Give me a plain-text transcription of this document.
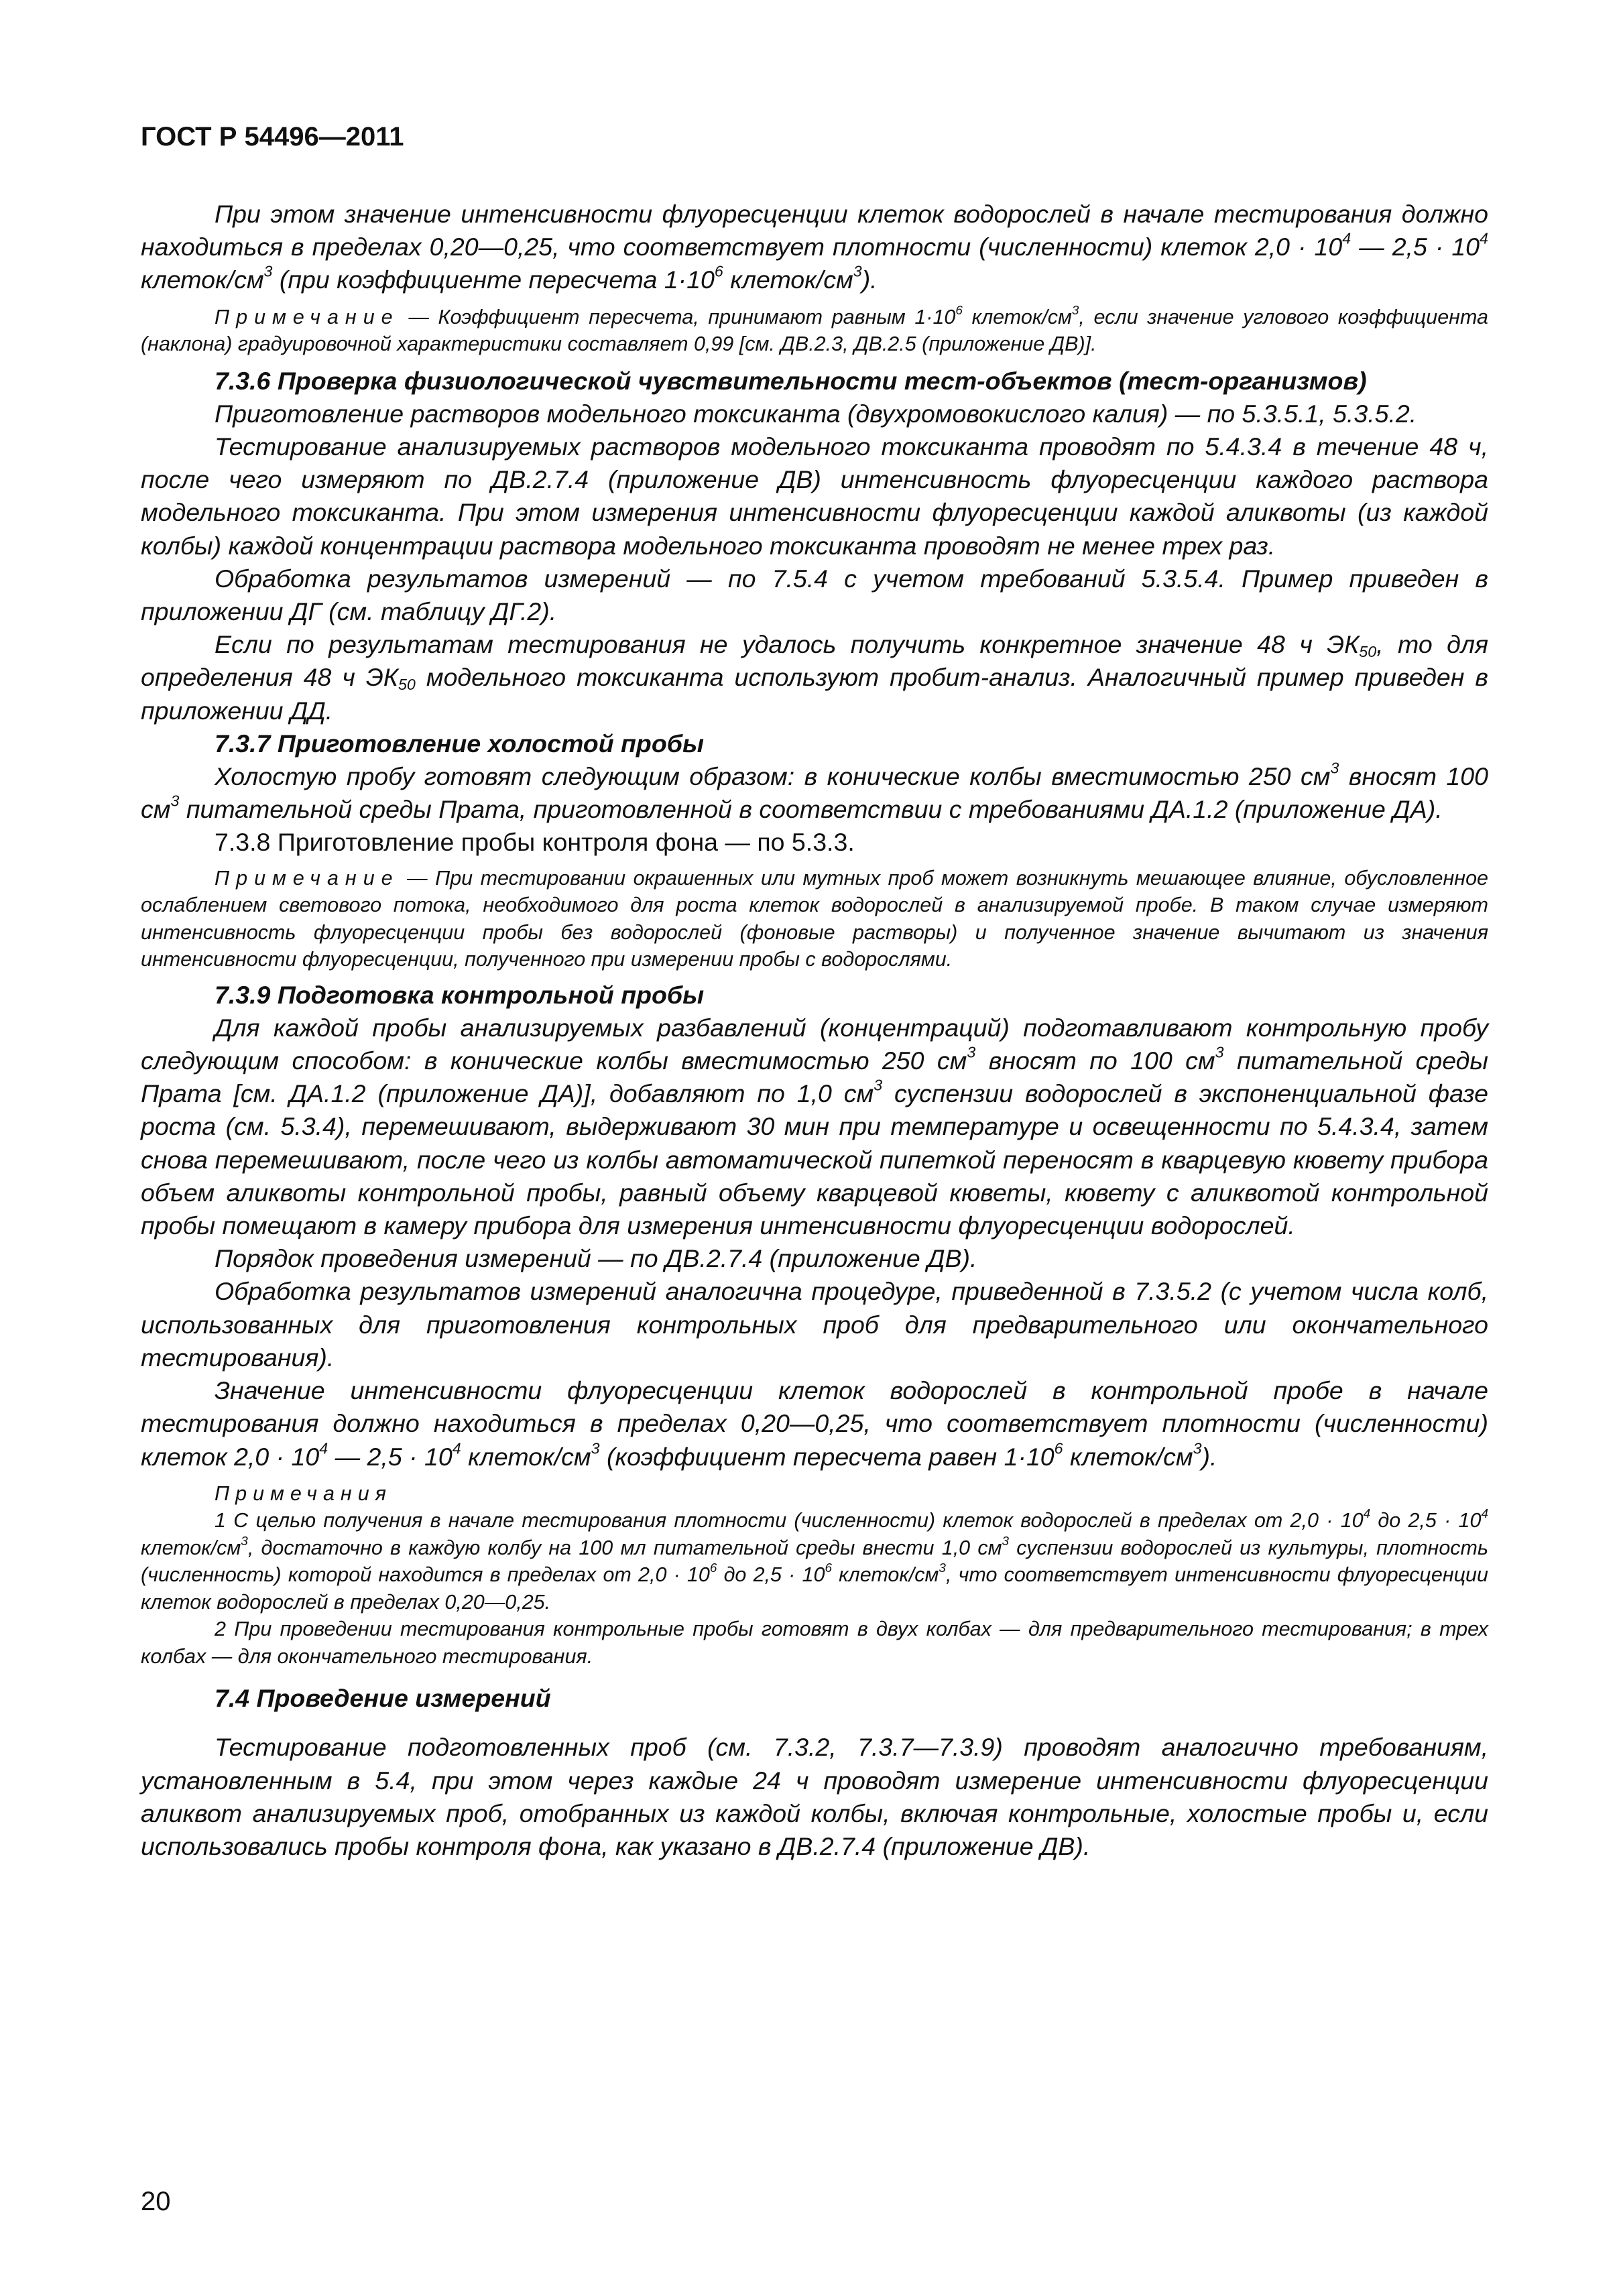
ГОСТ Р 54496—2011

При этом значение интенсивности флуоресценции клеток водорослей в начале тестирования должно находиться в пределах 0,20—0,25, что соответствует плотности (численности) клеток $2,0 \cdot 10^4$ — $2,5 \cdot 10^4$ клеток/$см^3$ (при коэффициенте пересчета $1\cdot 10^6$ клеток/$см^3$).

Примечание — Коэффициент пересчета, принимают равным $1\cdot 10^6$ клеток/$см^3$, если значение углового коэффициента (наклона) градуировочной характеристики составляет 0,99 [см. ДВ.2.3, ДВ.2.5 (приложение ДВ)].

7.3.6 Проверка физиологической чувствительности тест-объектов (тест-организмов)

Приготовление растворов модельного токсиканта (двухромовокислого калия) — по 5.3.5.1, 5.3.5.2.

Тестирование анализируемых растворов модельного токсиканта проводят по 5.4.3.4 в течение 48 ч, после чего измеряют по ДВ.2.7.4 (приложение ДВ) интенсивность флуоресценции каждого раствора модельного токсиканта. При этом измерения интенсивности флуоресценции каждой аликвоты (из каждой колбы) каждой концентрации раствора модельного токсиканта проводят не менее трех раз.

Обработка результатов измерений — по 7.5.4 с учетом требований 5.3.5.4. Пример приведен в приложении ДГ (см. таблицу ДГ.2).

Если по результатам тестирования не удалось получить конкретное значение 48 ч $ЭК_{50}$, то для определения 48 ч $ЭК_{50}$ модельного токсиканта используют пробит-анализ. Аналогичный пример приведен в приложении ДД.

7.3.7 Приготовление холостой пробы

Холостую пробу готовят следующим образом: в конические колбы вместимостью 250 $см^3$ вносят 100 $см^3$ питательной среды Прата, приготовленной в соответствии с требованиями ДА.1.2 (приложение ДА).

7.3.8 Приготовление пробы контроля фона — по 5.3.3.

Примечание — При тестировании окрашенных или мутных проб может возникнуть мешающее влияние, обусловленное ослаблением светового потока, необходимого для роста клеток водорослей в анализируемой пробе. В таком случае измеряют интенсивность флуоресценции пробы без водорослей (фоновые растворы) и полученное значение вычитают из значения интенсивности флуоресценции, полученного при измерении пробы с водорослями.

7.3.9 Подготовка контрольной пробы

Для каждой пробы анализируемых разбавлений (концентраций) подготавливают контрольную пробу следующим способом: в конические колбы вместимостью 250 $см^3$ вносят по 100 $см^3$ питательной среды Прата [см. ДА.1.2 (приложение ДА)], добавляют по 1,0 $см^3$ суспензии водорослей в экспоненциальной фазе роста (см. 5.3.4), перемешивают, выдерживают 30 мин при температуре и освещенности по 5.4.3.4, затем снова перемешивают, после чего из колбы автоматической пипеткой переносят в кварцевую кювету прибора объем аликвоты контрольной пробы, равный объему кварцевой кюветы, кювету с аликвотой контрольной пробы помещают в камеру прибора для измерения интенсивности флуоресценции водорослей.

Порядок проведения измерений — по ДВ.2.7.4 (приложение ДВ).

Обработка результатов измерений аналогична процедуре, приведенной в 7.3.5.2 (с учетом числа колб, использованных для приготовления контрольных проб для предварительного или окончательного тестирования).

Значение интенсивности флуоресценции клеток водорослей в контрольной пробе в начале тестирования должно находиться в пределах 0,20—0,25, что соответствует плотности (численности) клеток $2,0 \cdot 10^4$ — $2,5 \cdot 10^4$ клеток/$см^3$ (коэффициент пересчета равен $1\cdot 10^6$ клеток/$см^3$).

Примечания

1 С целью получения в начале тестирования плотности (численности) клеток водорослей в пределах от $2,0 \cdot 10^4$ до $2,5 \cdot 10^4$ клеток/$см^3$, достаточно в каждую колбу на 100 мл питательной среды внести 1,0 $см^3$ суспензии водорослей из культуры, плотность (численность) которой находится в пределах от $2,0 \cdot 10^6$ до $2,5 \cdot 10^6$ клеток/$см^3$, что соответствует интенсивности флуоресценции клеток водорослей в пределах 0,20—0,25.

2 При проведении тестирования контрольные пробы готовят в двух колбах — для предварительного тестирования; в трех колбах — для окончательного тестирования.

7.4 Проведение измерений

Тестирование подготовленных проб (см. 7.3.2, 7.3.7—7.3.9) проводят аналогично требованиям, установленным в 5.4, при этом через каждые 24 ч проводят измерение интенсивности флуоресценции аликвот анализируемых проб, отобранных из каждой колбы, включая контрольные, холостые пробы и, если использовались пробы контроля фона, как указано в ДВ.2.7.4 (приложение ДВ).

20
